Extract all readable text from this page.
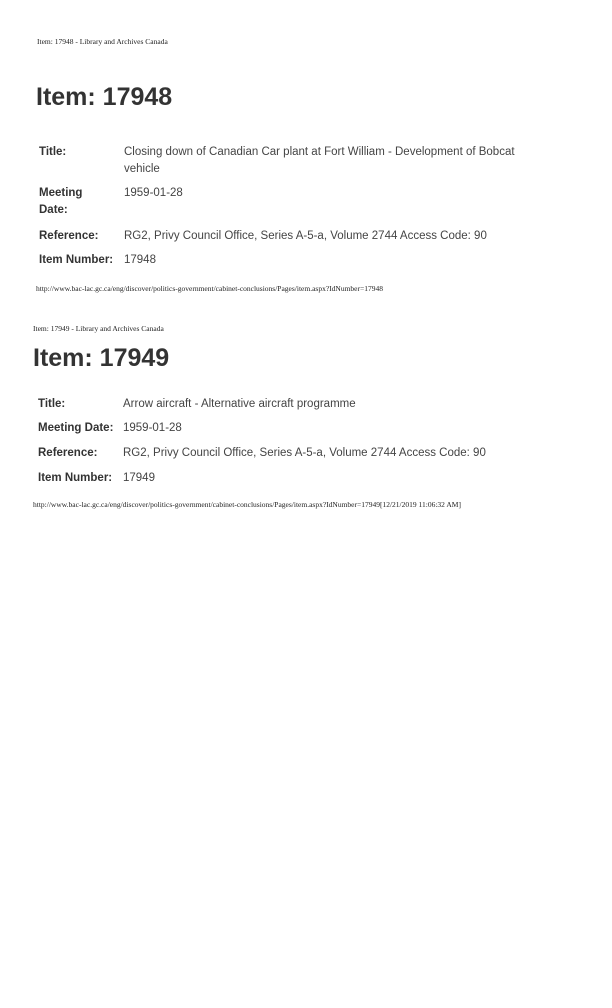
Item: 17948 - Library and Archives Canada
Item: 17948
Title:	Closing down of Canadian Car plant at Fort William - Development of Bobcat vehicle
Meeting Date:
1959-01-28
Reference: RG2, Privy Council Office, Series A-5-a, Volume 2744 Access Code: 90
Item Number: 17948
http://www.bac-lac.gc.ca/eng/discover/politics-government/cabinet-conclusions/Pages/item.aspx?IdNumber=17948
Item: 17949 - Library and Archives Canada
Item: 17949
Title:	Arrow aircraft - Alternative aircraft programme
Meeting Date: 1959-01-28
Reference: RG2, Privy Council Office, Series A-5-a, Volume 2744 Access Code: 90
Item Number: 17949
http://www.bac-lac.gc.ca/eng/discover/politics-government/cabinet-conclusions/Pages/item.aspx?IdNumber=17949[12/21/2019 11:06:32 AM]
